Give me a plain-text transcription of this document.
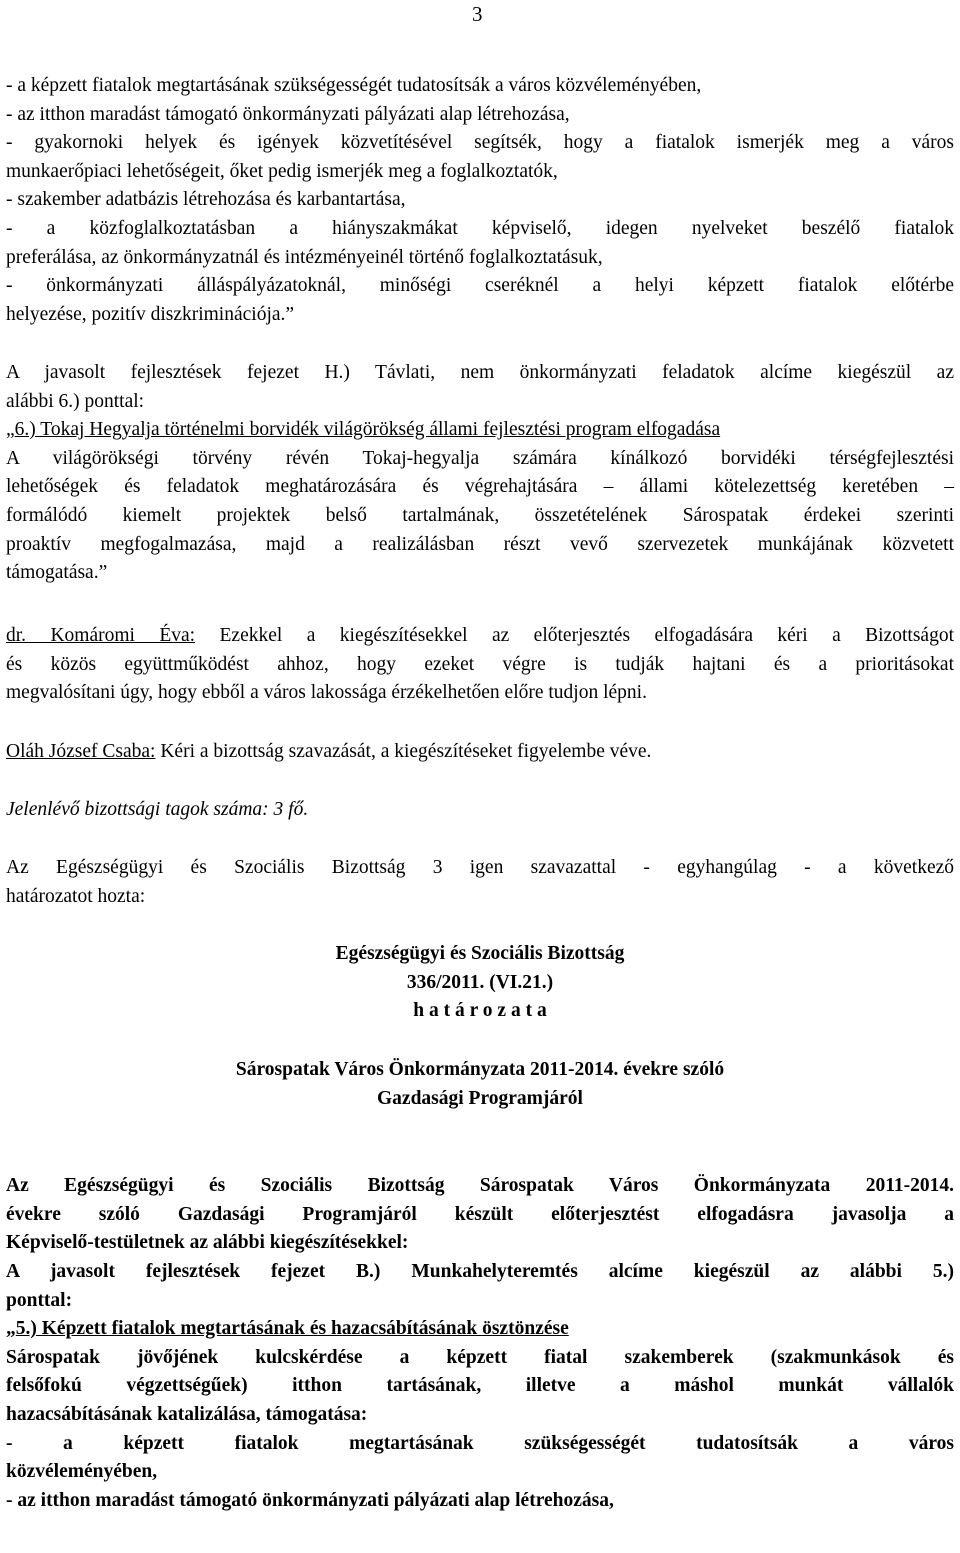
3
- a képzett fiatalok megtartásának szükségességét tudatosítsák a város közvéleményében,
- az itthon maradást támogató önkormányzati pályázati alap létrehozása,
- gyakornoki helyek és igények közvetítésével segítsék, hogy a fiatalok ismerjék meg a város
munkaerőpiaci lehetőségeit, őket pedig ismerjék meg a foglalkoztatók,
- szakember adatbázis létrehozása és karbantartása,
- a közfoglalkoztatásban a hiányszakmákat képviselő, idegen nyelveket beszélő fiatalok
preferálása, az önkormányzatnál és intézményeinél történő foglalkoztatásuk,
- önkormányzati álláspályázatoknál, minőségi cseréknél a helyi képzett fiatalok előtérbe
helyezése, pozitív diszkriminációja.”
A javasolt fejlesztések fejezet H.) Távlati, nem önkormányzati feladatok alcíme kiegészül az
alábbi 6.) ponttal:
„6.) Tokaj Hegyalja történelmi borvidék világörökség állami fejlesztési program elfogadása
A világörökségi törvény révén Tokaj-hegyalja számára kínálkozó borvidéki térségfejlesztési
lehetőségek és feladatok meghatározására és végrehajtására – állami kötelezettség keretében –
formálódó kiemelt projektek belső tartalmának, összetételének Sárospatak érdekei szerinti
proaktív megfogalmazása, majd a realizálásban részt vevő szervezetek munkájának közvetett
támogatása.”
dr. Komáromi Éva: Ezekkel a kiegészítésekkel az előterjesztés elfogadására kéri a Bizottságot
és közös együttműködést ahhoz, hogy ezeket végre is tudják hajtani és a prioritásokat
megvalósítani úgy, hogy ebből a város lakossága érzékelhetően előre tudjon lépni.
Oláh József Csaba: Kéri a bizottság szavazását, a kiegészítéseket figyelembe véve.
Jelenlévő bizottsági tagok száma: 3 fő.
Az Egészségügyi és Szociális Bizottság 3 igen szavazattal - egyhangúlag - a következő
határozatot hozta:
Egészségügyi és Szociális Bizottság
336/2011. (VI.21.)
h a t á r o z a t a
Sárospatak Város Önkormányzata 2011-2014. évekre szóló
Gazdasági Programjáról
Az Egészségügyi és Szociális Bizottság Sárospatak Város Önkormányzata 2011-2014.
évekre szóló Gazdasági Programjáról készült előterjesztést elfogadásra javasolja a
Képviselő-testületnek az alábbi kiegészítésekkel:
A javasolt fejlesztések fejezet B.) Munkahelyteremtés alcíme kiegészül az alábbi 5.)
ponttal:
„5.) Képzett fiatalok megtartásának és hazacsábításának ösztönzése
Sárospatak jövőjének kulcskérdése a képzett fiatal szakemberek (szakmunkások és
felsőfokú végzettségűek) itthon tartásának, illetve a máshol munkát vállalók
hazacsábításának katalizálása, támogatása:
- a képzett fiatalok megtartásának szükségességét tudatosítsák a város
közvéleményében,
- az itthon maradást támogató önkormányzati pályázati alap létrehozása,
